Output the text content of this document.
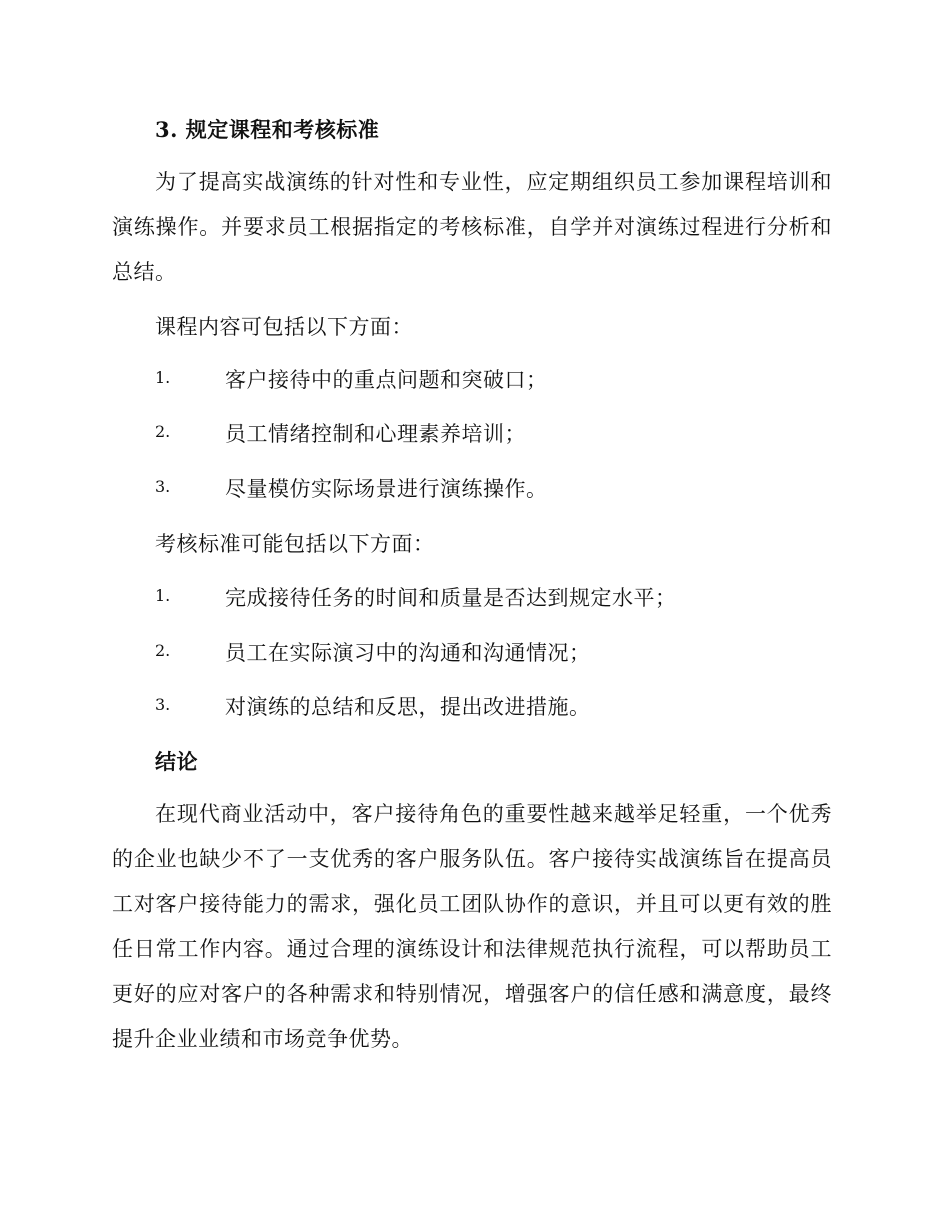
3. 规定课程和考核标准
为了提高实战演练的针对性和专业性，应定期组织员工参加课程培训和演练操作。并要求员工根据指定的考核标准，自学并对演练过程进行分析和总结。
课程内容可包括以下方面：
1.	客户接待中的重点问题和突破口；
2.	员工情绪控制和心理素养培训；
3.	尽量模仿实际场景进行演练操作。
考核标准可能包括以下方面：
1.	完成接待任务的时间和质量是否达到规定水平；
2.	员工在实际演习中的沟通和沟通情况；
3.	对演练的总结和反思，提出改进措施。
结论
在现代商业活动中，客户接待角色的重要性越来越举足轻重，一个优秀的企业也缺少不了一支优秀的客户服务队伍。客户接待实战演练旨在提高员工对客户接待能力的需求，强化员工团队协作的意识，并且可以更有效的胜任日常工作内容。通过合理的演练设计和法律规范执行流程，可以帮助员工更好的应对客户的各种需求和特别情况，增强客户的信任感和满意度，最终提升企业业绩和市场竞争优势。
